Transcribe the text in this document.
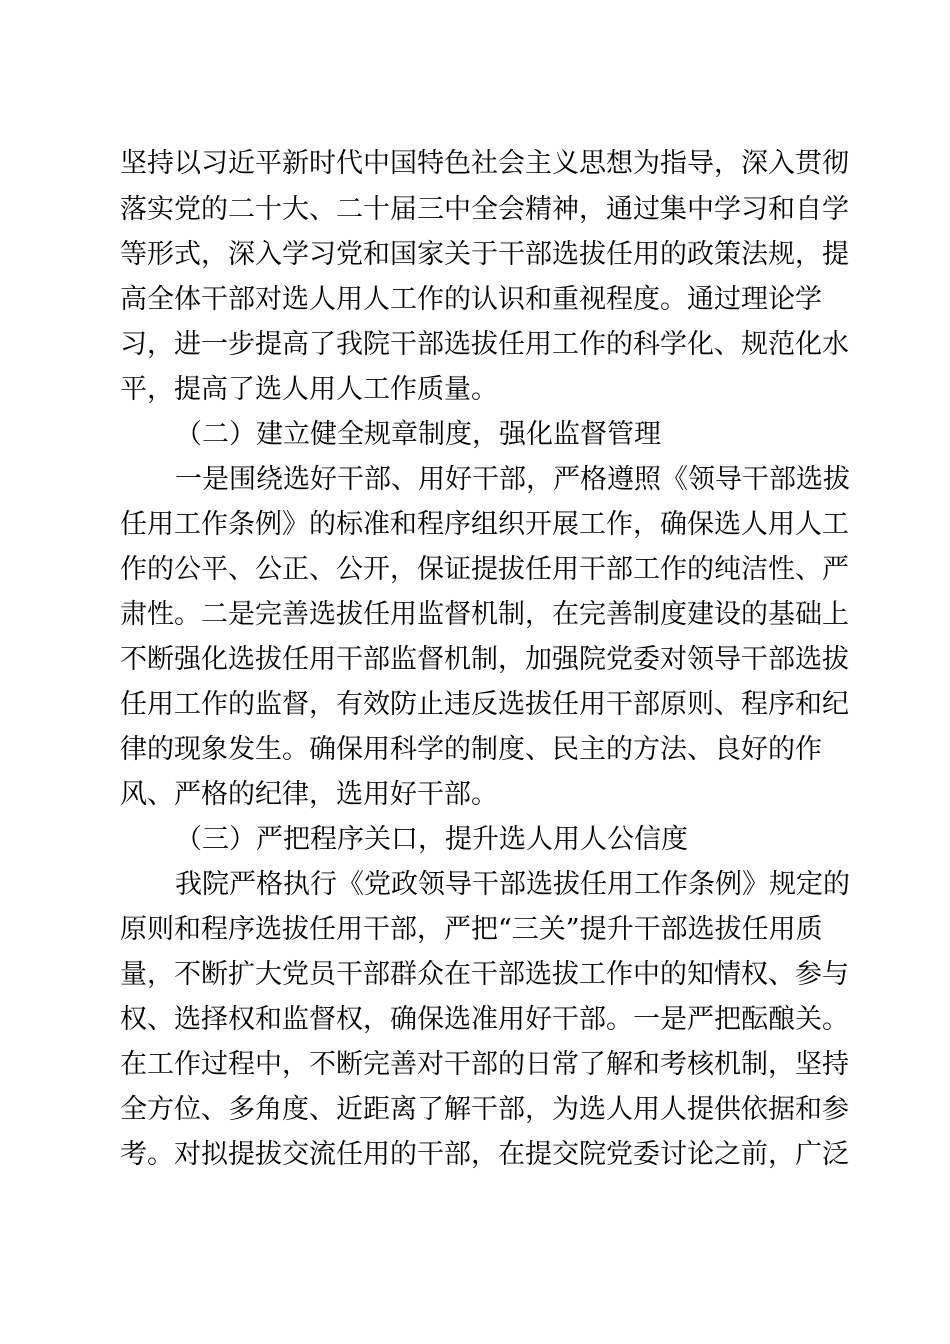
坚持以习近平新时代中国特色社会主义思想为指导，深入贯彻
落实党的二十大、二十届三中全会精神，通过集中学习和自学
等形式，深入学习党和国家关于干部选拔任用的政策法规，提
高全体干部对选人用人工作的认识和重视程度。通过理论学
习，进一步提高了我院干部选拔任用工作的科学化、规范化水
平，提高了选人用人工作质量。
（二）建立健全规章制度，强化监督管理
一是围绕选好干部、用好干部，严格遵照《领导干部选拔
任用工作条例》的标准和程序组织开展工作，确保选人用人工
作的公平、公正、公开，保证提拔任用干部工作的纯洁性、严
肃性。二是完善选拔任用监督机制，在完善制度建设的基础上
不断强化选拔任用干部监督机制，加强院党委对领导干部选拔
任用工作的监督，有效防止违反选拔任用干部原则、程序和纪
律的现象发生。确保用科学的制度、民主的方法、良好的作
风、严格的纪律，选用好干部。
（三）严把程序关口，提升选人用人公信度
我院严格执行《党政领导干部选拔任用工作条例》规定的
原则和程序选拔任用干部，严把“三关”提升干部选拔任用质
量，不断扩大党员干部群众在干部选拔工作中的知情权、参与
权、选择权和监督权，确保选准用好干部。一是严把酝酿关。
在工作过程中，不断完善对干部的日常了解和考核机制，坚持
全方位、多角度、近距离了解干部，为选人用人提供依据和参
考。对拟提拔交流任用的干部，在提交院党委讨论之前，广泛
